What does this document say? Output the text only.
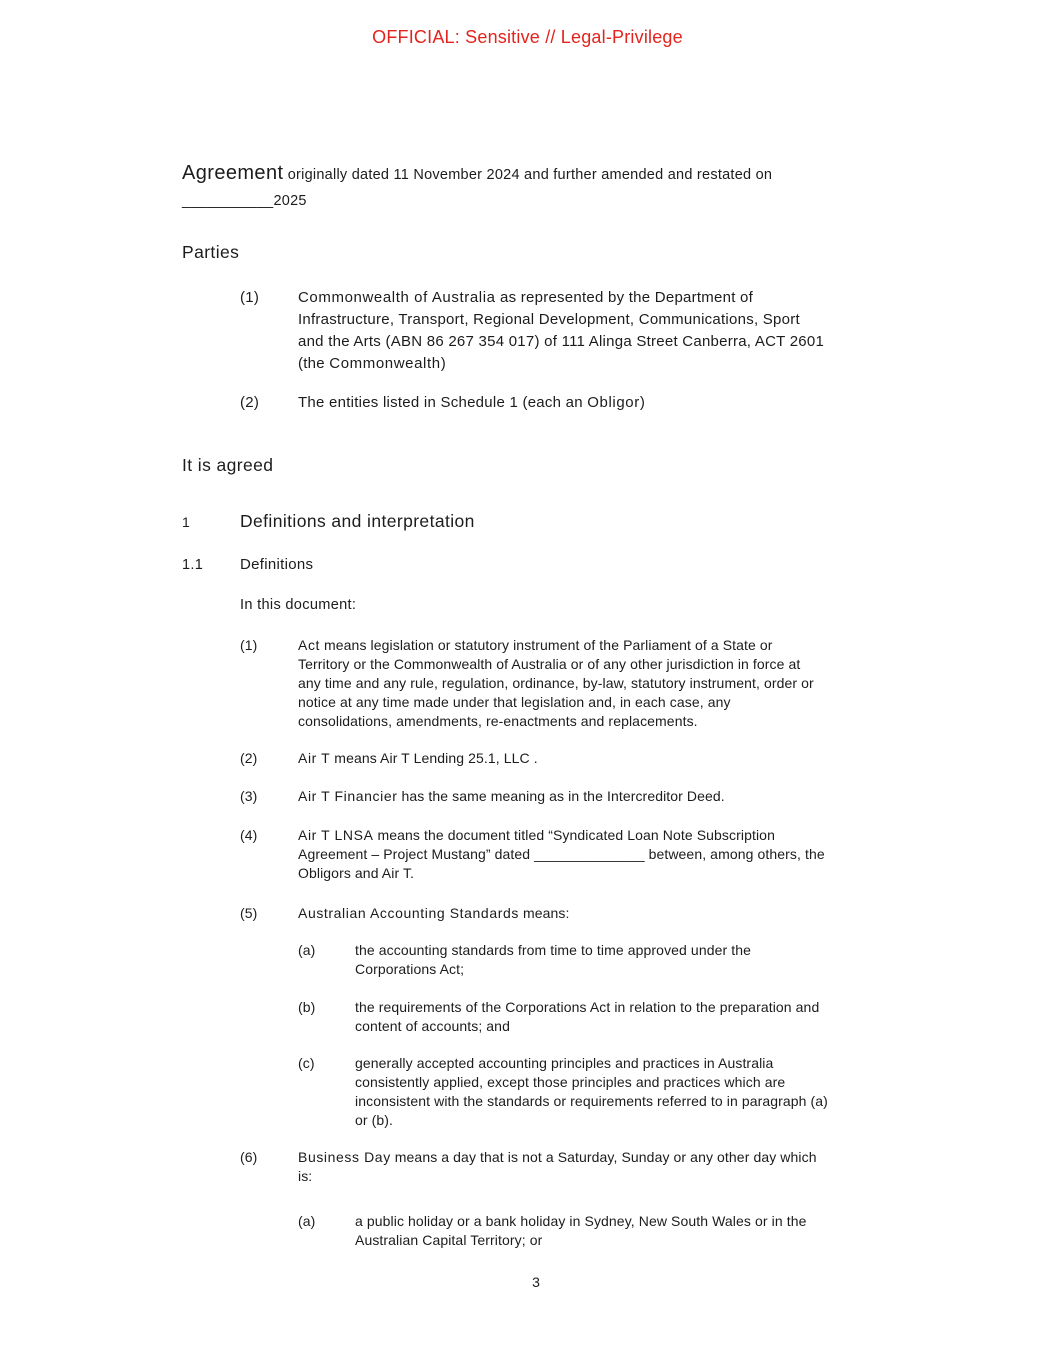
OFFICIAL: Sensitive // Legal-Privilege
Agreement originally dated 11 November 2024 and further amended and restated on
___________2025
Parties
(1)	Commonwealth of Australia as represented by the Department of
Infrastructure, Transport, Regional Development, Communications, Sport
and the Arts (ABN 86 267 354 017) of 111 Alinga Street Canberra, ACT 2601
(the Commonwealth)
(2)	The entities listed in Schedule 1 (each an Obligor)
It is agreed
1	Definitions and interpretation
1.1	Definitions
In this document:
(1)	Act means legislation or statutory instrument of the Parliament of a State or
Territory or the Commonwealth of Australia or of any other jurisdiction in force at
any time and any rule, regulation, ordinance, by-law, statutory instrument, order or
notice at any time made under that legislation and, in each case, any
consolidations, amendments, re-enactments and replacements.
(2)	Air T means Air T Lending 25.1, LLC .
(3)	Air T Financier has the same meaning as in the Intercreditor Deed.
(4)	Air T LNSA means the document titled “Syndicated Loan Note Subscription
Agreement – Project Mustang” dated ______________ between, among others, the
Obligors and Air T.
(5)	Australian Accounting Standards means:
(a)	the accounting standards from time to time approved under the
Corporations Act;
(b)	the requirements of the Corporations Act in relation to the preparation and
content of accounts; and
(c)	generally accepted accounting principles and practices in Australia
consistently applied, except those principles and practices which are
inconsistent with the standards or requirements referred to in paragraph (a)
or (b).
(6)	Business Day means a day that is not a Saturday, Sunday or any other day which
is:
(a)	a public holiday or a bank holiday in Sydney, New South Wales or in the
Australian Capital Territory; or
3
